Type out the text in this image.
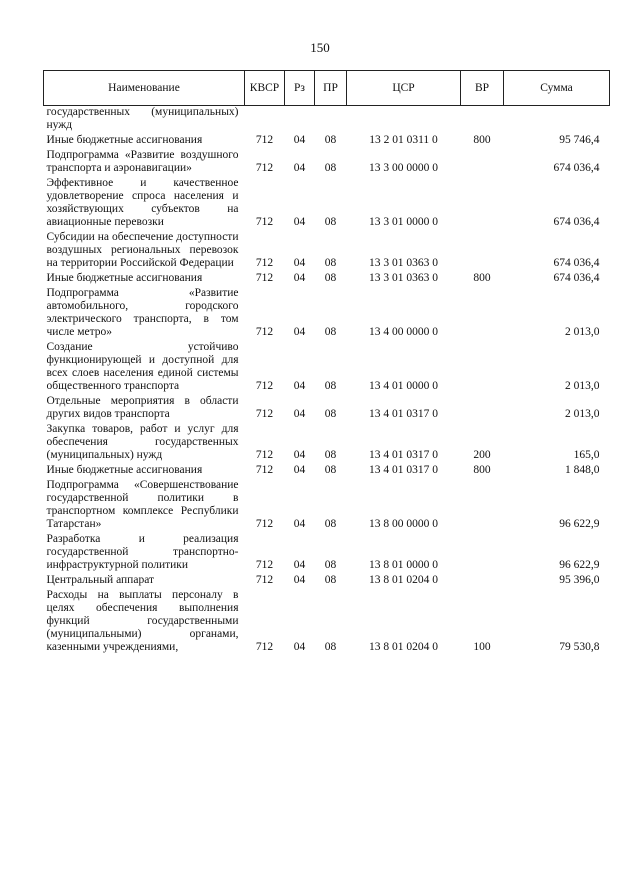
150
Наименование	КВСР	Рз	ПР	ЦСР	ВР	Сумма
государственных (муниципальных) нужд						
Иные бюджетные ассигнования	712	04	08	13 2 01 0311 0	800	95 746,4
Подпрограмма «Развитие воздушного транспорта и аэронавигации»	712	04	08	13 3 00 0000 0		674 036,4
Эффективное и качественное удовлетворение спроса населения и хозяйствующих субъектов на авиационные перевозки	712	04	08	13 3 01 0000 0		674 036,4
Субсидии на обеспечение доступности воздушных региональных перевозок на территории Российской Федерации	712	04	08	13 3 01 0363 0		674 036,4
Иные бюджетные ассигнования	712	04	08	13 3 01 0363 0	800	674 036,4
Подпрограмма «Развитие автомобильного, городского электрического транспорта, в том числе метро»	712	04	08	13 4 00 0000 0		2 013,0
Создание устойчиво функционирующей и доступной для всех слоев населения единой системы общественного транспорта	712	04	08	13 4 01 0000 0		2 013,0
Отдельные мероприятия в области других видов транспорта	712	04	08	13 4 01 0317 0		2 013,0
Закупка товаров, работ и услуг для обеспечения государственных (муниципальных) нужд	712	04	08	13 4 01 0317 0	200	165,0
Иные бюджетные ассигнования	712	04	08	13 4 01 0317 0	800	1 848,0
Подпрограмма «Совершенствование государственной политики в транспортном комплексе Республики Татарстан»	712	04	08	13 8 00 0000 0		96 622,9
Разработка и реализация государственной транспортно-инфраструктурной политики	712	04	08	13 8 01 0000 0		96 622,9
Центральный аппарат	712	04	08	13 8 01 0204 0		95 396,0
Расходы на выплаты персоналу в целях обеспечения выполнения функций государственными (муниципальными) органами, казенными учреждениями,	712	04	08	13 8 01 0204 0	100	79 530,8
